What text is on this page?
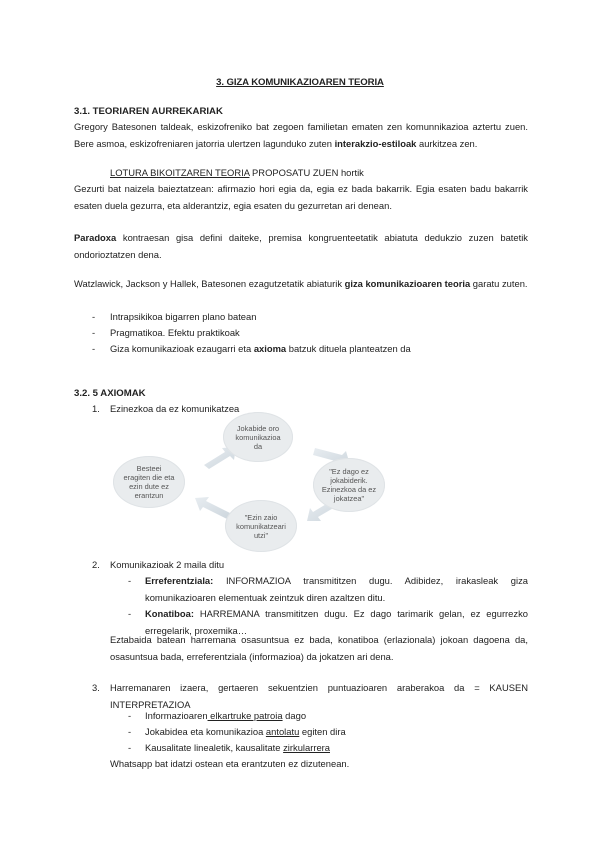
3. GIZA KOMUNIKAZIOAREN TEORIA
3.1. TEORIAREN AURREKARIAK
Gregory Batesonen taldeak, eskizofreniko bat zegoen familietan ematen zen komunnikazioa aztertu zuen. Bere asmoa, eskizofreniaren jatorria ulertzen lagunduko zuten interakzio-estiloak aurkitzea zen.
LOTURA BIKOITZAREN TEORIA PROPOSATU ZUEN hortik
Gezurti bat naizela baieztatzean: afirmazio hori egia da, egia ez bada bakarrik. Egia esaten badu bakarrik esaten duela gezurra, eta alderantziz, egia esaten du gezurretan ari denean.
Paradoxa kontraesan gisa defini daiteke, premisa kongruenteetatik abiatuta dedukzio zuzen batetik ondorioztatzen dena.
Watzlawick, Jackson y Hallek, Batesonen ezagutzetatik abiaturik giza komunikazioaren teoria garatu zuten.
- Intrapsikikoa bigarren plano batean
- Pragmatikoa. Efektu praktikoak
- Giza komunikazioak ezaugarri eta axioma batzuk dituela planteatzen da
3.2. 5 AXIOMAK
1. Ezinezkoa da ez komunikatzea
Jokabide oro komunikazioa da
"Ez dago ez jokabiderik. Ezinezkoa da ez jokatzea"
"Ezin zaio komunikatzeari utzi"
Besteei eragiten die eta ezin dute ez erantzun
2. Komunikazioak 2 maila ditu
- Erreferentziala: INFORMAZIOA transmititzen dugu. Adibidez, irakasleak giza komunikazioaren elementuak zeintzuk diren azaltzen ditu.
- Konatiboa: HARREMANA transmititzen dugu. Ez dago tarimarik gelan, ez egurrezko erregelarik, proxemika…
Eztabaida batean harremana osasuntsua ez bada, konatiboa (erlazionala) jokoan dagoena da, osasuntsua bada, erreferentziala (informazioa) da jokatzen ari dena.
3. Harremanaren izaera, gertaeren sekuentzien puntuazioaren araberakoa da = KAUSEN INTERPRETAZIOA
- Informazioaren elkartruke patroia dago
- Jokabidea eta komunikazioa antolatu egiten dira
- Kausalitate linealetik, kausalitate zirkularrera
Whatsapp bat idatzi ostean eta erantzuten ez dizutenean.
